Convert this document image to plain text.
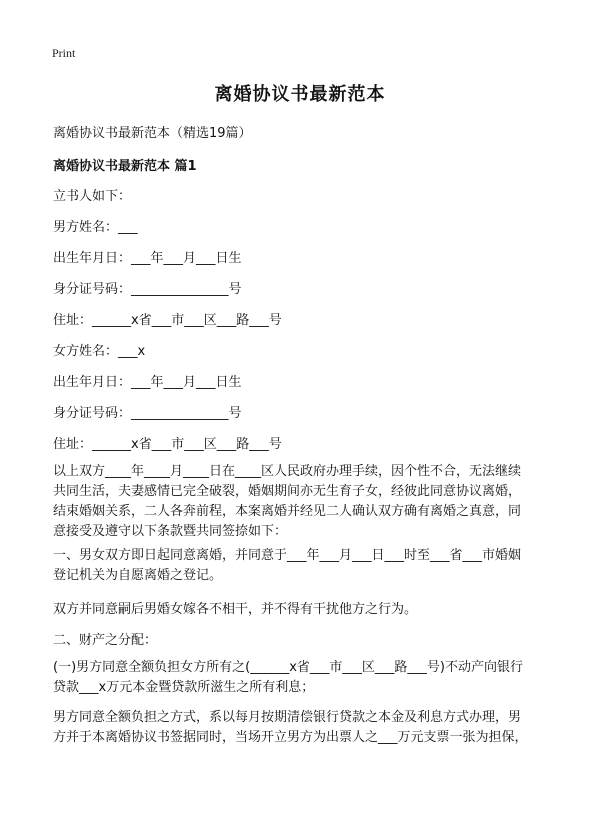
Print
离婚协议书最新范本
离婚协议书最新范本（精选19篇）
离婚协议书最新范本 篇1
立书人如下：
男方姓名：___
出生年月日：___年___月___日生
身分证号码：_______________号
住址：______x省___市___区___路___号
女方姓名：___x
出生年月日：___年___月___日生
身分证号码：_______________号
住址：______x省___市___区___路___号
以上双方____年____月____日在____区人民政府办理手续，因个性不合，无法继续
共同生活，夫妻感情已完全破裂，婚姻期间亦无生育子女，经彼此同意协议离婚，
结束婚姻关系，二人各奔前程，本案离婚并经见二人确认双方确有离婚之真意，同
意接受及遵守以下条款暨共同签捺如下：
一、男女双方即日起同意离婚，并同意于___年___月___日___时至___省___市婚姻
登记机关为自愿离婚之登记。
双方并同意嗣后男婚女嫁各不相干，并不得有干扰他方之行为。
二、财产之分配：
(一)男方同意全额负担女方所有之(______x省___市___区___路___号)不动产向银行
贷款___x万元本金暨贷款所滋生之所有利息；
男方同意全额负担之方式，系以每月按期清偿银行贷款之本金及利息方式办理，男
方并于本离婚协议书签据同时，当场开立男方为出票人之___万元支票一张为担保，
